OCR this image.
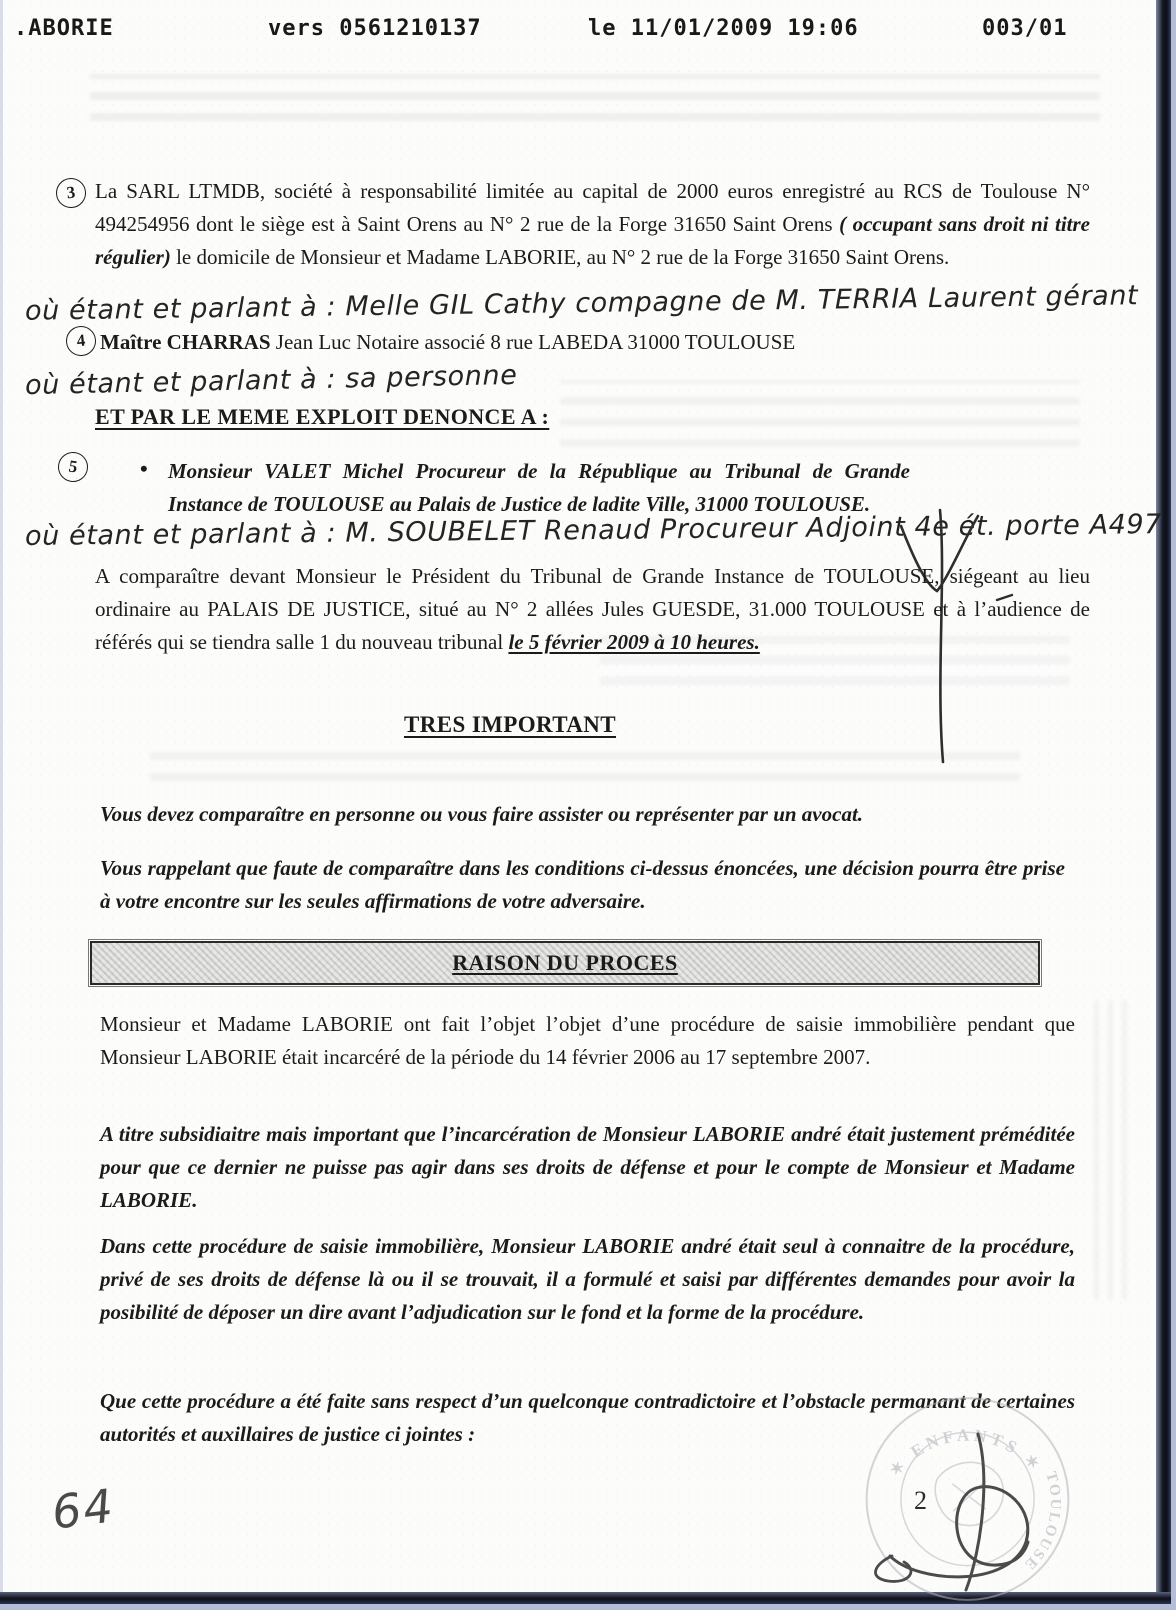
.ABORIE	vers 0561210137	le 11/01/2009 19:06	003/01
3 La SARL LTMDB, société à responsabilité limitée au capital de 2000 euros enregistré au RCS de Toulouse N° 494254956 dont le siège est à Saint Orens au N° 2 rue de la Forge 31650 Saint Orens ( occupant sans droit ni titre régulier) le domicile de Monsieur et Madame LABORIE, au N° 2 rue de la Forge 31650 Saint Orens.
où étant et parlant à : Melle GIL Cathy compagne de M. TERRIA Laurent gérant
4 Maître CHARRAS Jean Luc Notaire associé 8 rue LABEDA 31000 TOULOUSE
où étant et parlant à : sa personne
ET PAR LE MEME EXPLOIT DENONCE A :
5	• Monsieur VALET Michel Procureur de la République au Tribunal de Grande Instance de TOULOUSE au Palais de Justice de ladite Ville, 31000 TOULOUSE.
où étant et parlant à : M. SOUBELET Renaud Procureur Adjoint 4e ét. porte A497
A comparaître devant Monsieur le Président du Tribunal de Grande Instance de TOULOUSE, siégeant au lieu ordinaire au PALAIS DE JUSTICE, situé au N° 2 allées Jules GUESDE, 31.000 TOULOUSE et à l’audience de référés qui se tiendra salle 1 du nouveau tribunal le 5 février 2009 à 10 heures.
TRES IMPORTANT
Vous devez comparaître en personne ou vous faire assister ou représenter par un avocat.
Vous rappelant que faute de comparaître dans les conditions ci-dessus énoncées, une décision pourra être prise à votre encontre sur les seules affirmations de votre adversaire.
RAISON DU PROCES
Monsieur et Madame LABORIE ont fait l’objet l’objet d’une procédure de saisie immobilière pendant que Monsieur LABORIE était incarcéré de la période du 14 février 2006 au 17 septembre 2007.
A titre subsidiaitre mais important que l’incarcération de Monsieur LABORIE andré était justement préméditée pour que ce dernier ne puisse pas agir dans ses droits de défense et pour le compte de Monsieur et Madame LABORIE.
Dans cette procédure de saisie immobilière, Monsieur LABORIE andré était seul à connaitre de la procédure, privé de ses droits de défense là ou il se trouvait, il a formulé et saisi par différentes demandes pour avoir la posibilité de déposer un dire avant l’adjudication sur le fond et la forme de la procédure.
Que cette procédure a été faite sans respect d’un quelconque contradictoire et l’obstacle permanant de certaines autorités et auxillaires de justice ci jointes :
✶ ENFANTS ✶
TOULOUSE
2
64
